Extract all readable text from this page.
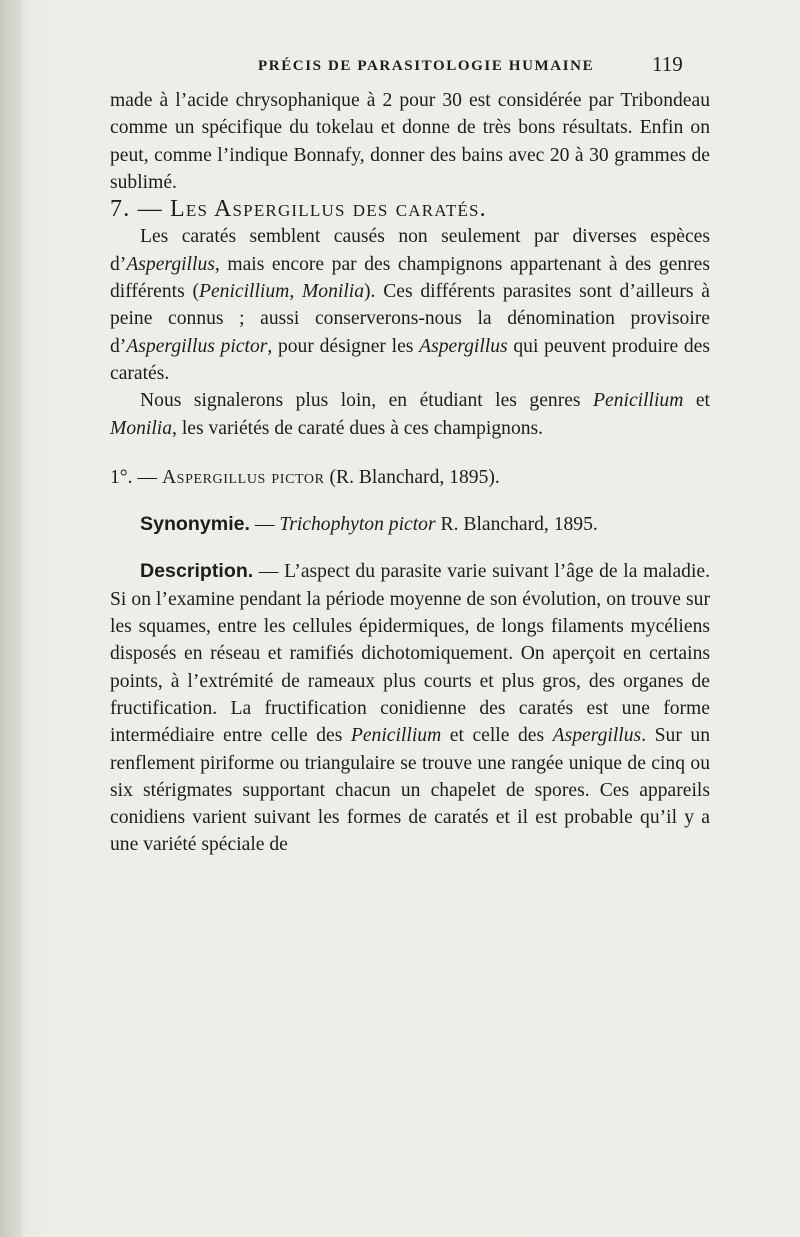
PRÉCIS DE PARASITOLOGIE HUMAINE	119

made à l’acide chrysophanique à 2 pour 30 est considérée par Tribondeau comme un spécifique du tokelau et donne de très bons résultats. Enfin on peut, comme l’indique Bonnafy, donner des bains avec 20 à 30 grammes de sublimé.

7. — Les Aspergillus des caratés.

Les caratés semblent causés non seulement par diverses espèces d’Aspergillus, mais encore par des champignons appartenant à des genres différents (Penicillium, Monilia). Ces différents parasites sont d’ailleurs à peine connus ; aussi conserverons-nous la dénomination provisoire d’Aspergillus pictor, pour désigner les Aspergillus qui peuvent produire des caratés.

Nous signalerons plus loin, en étudiant les genres Penicillium et Monilia, les variétés de caraté dues à ces champignons.

1°. — Aspergillus pictor (R. Blanchard, 1895).

Synonymie. — Trichophyton pictor R. Blanchard, 1895.

Description. — L’aspect du parasite varie suivant l’âge de la maladie. Si on l’examine pendant la période moyenne de son évolution, on trouve sur les squames, entre les cellules épidermiques, de longs filaments mycéliens disposés en réseau et ramifiés dichotomiquement. On aperçoit en certains points, à l’extrémité de rameaux plus courts et plus gros, des organes de fructification. La fructification conidienne des caratés est une forme intermédiaire entre celle des Penicillium et celle des Aspergillus. Sur un renflement piriforme ou triangulaire se trouve une rangée unique de cinq ou six stérigmates supportant chacun un chapelet de spores. Ces appareils conidiens varient suivant les formes de caratés et il est probable qu’il y a une variété spéciale de
